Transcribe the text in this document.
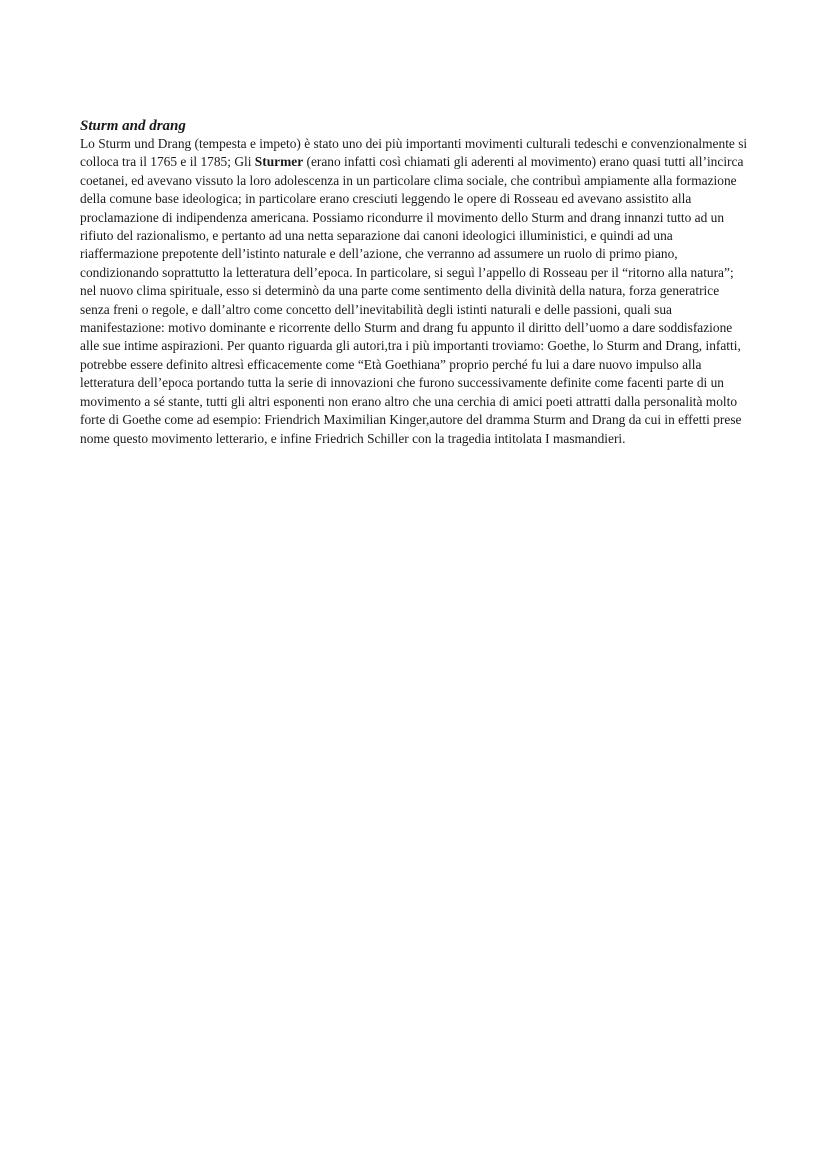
Sturm and drang

Lo Sturm und Drang (tempesta e impeto) è stato uno dei più importanti movimenti culturali tedeschi e convenzionalmente si colloca tra il 1765 e il 1785; Gli Sturmer (erano infatti così chiamati gli aderenti al movimento) erano quasi tutti all’incirca coetanei, ed avevano vissuto la loro adolescenza in un particolare clima sociale, che contribuì ampiamente alla formazione della comune base ideologica; in particolare erano cresciuti leggendo le opere di Rosseau ed avevano assistito alla proclamazione di indipendenza americana. Possiamo ricondurre il movimento dello Sturm and drang innanzi tutto ad un rifiuto del razionalismo, e pertanto ad una netta separazione dai canoni ideologici illuministici, e quindi ad una riaffermazione prepotente dell’istinto naturale e dell’azione, che verranno ad assumere un ruolo di primo piano, condizionando soprattutto la letteratura dell’epoca. In particolare, si seguì l’appello di Rosseau per il “ritorno alla natura”; nel nuovo clima spirituale, esso si determinò da una parte come sentimento della divinità della natura, forza generatrice senza freni o regole, e dall’altro come concetto dell’inevitabilità degli istinti naturali e delle passioni, quali sua manifestazione: motivo dominante e ricorrente dello Sturm and drang fu appunto il diritto dell’uomo a dare soddisfazione alle sue intime aspirazioni. Per quanto riguarda gli autori,tra i più importanti troviamo: Goethe, lo Sturm and Drang, infatti, potrebbe essere definito altresì efficacemente come “Età Goethiana” proprio perché fu lui a dare nuovo impulso alla letteratura dell’epoca portando tutta la serie di innovazioni che furono successivamente definite come facenti parte di un movimento a sé stante, tutti gli altri esponenti non erano altro che una cerchia di amici poeti attratti dalla personalità molto forte di Goethe come ad esempio: Friendrich Maximilian Kinger,autore del dramma Sturm and Drang da cui in effetti prese nome questo movimento letterario, e infine Friedrich Schiller con la tragedia intitolata I masmandieri.
